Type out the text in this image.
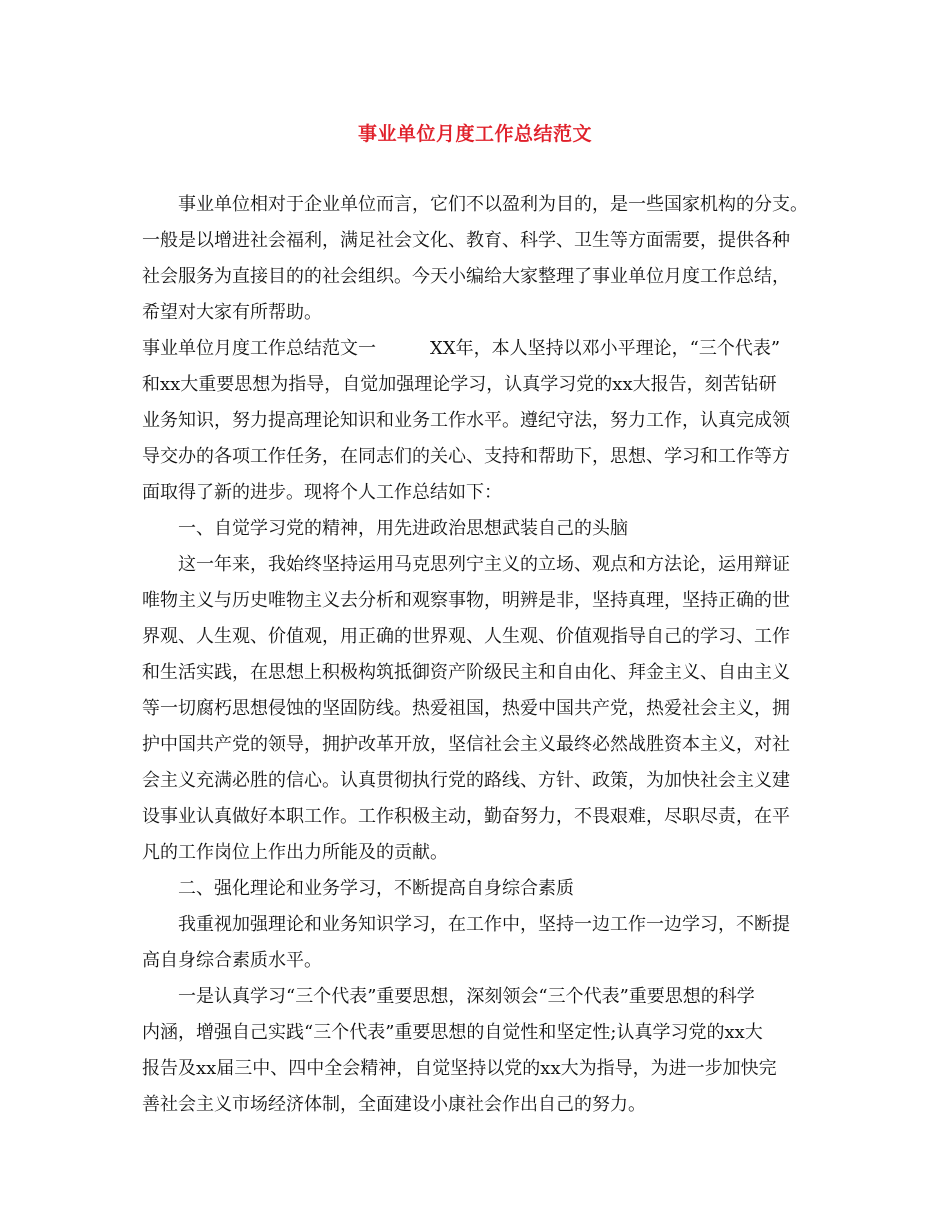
事业单位月度工作总结范文
事业单位相对于企业单位而言，它们不以盈利为目的，是一些国家机构的分支。
一般是以增进社会福利，满足社会文化、教育、科学、卫生等方面需要，提供各种
社会服务为直接目的的社会组织。今天小编给大家整理了事业单位月度工作总结，
希望对大家有所帮助。
事业单位月度工作总结范文一　　　XX年，本人坚持以邓小平理论，“三个代表”
和xx大重要思想为指导，自觉加强理论学习，认真学习党的xx大报告，刻苦钻研
业务知识，努力提高理论知识和业务工作水平。遵纪守法，努力工作，认真完成领
导交办的各项工作任务，在同志们的关心、支持和帮助下，思想、学习和工作等方
面取得了新的进步。现将个人工作总结如下：
一、自觉学习党的精神，用先进政治思想武装自己的头脑
这一年来，我始终坚持运用马克思列宁主义的立场、观点和方法论，运用辩证
唯物主义与历史唯物主义去分析和观察事物，明辨是非，坚持真理，坚持正确的世
界观、人生观、价值观，用正确的世界观、人生观、价值观指导自己的学习、工作
和生活实践，在思想上积极构筑抵御资产阶级民主和自由化、拜金主义、自由主义
等一切腐朽思想侵蚀的坚固防线。热爱祖国，热爱中国共产党，热爱社会主义，拥
护中国共产党的领导，拥护改革开放，坚信社会主义最终必然战胜资本主义，对社
会主义充满必胜的信心。认真贯彻执行党的路线、方针、政策，为加快社会主义建
设事业认真做好本职工作。工作积极主动，勤奋努力，不畏艰难，尽职尽责，在平
凡的工作岗位上作出力所能及的贡献。
二、强化理论和业务学习，不断提高自身综合素质
我重视加强理论和业务知识学习，在工作中，坚持一边工作一边学习，不断提
高自身综合素质水平。
一是认真学习“三个代表”重要思想，深刻领会“三个代表”重要思想的科学
内涵，增强自己实践“三个代表”重要思想的自觉性和坚定性;认真学习党的xx大
报告及xx届三中、四中全会精神，自觉坚持以党的xx大为指导，为进一步加快完
善社会主义市场经济体制，全面建设小康社会作出自己的努力。
